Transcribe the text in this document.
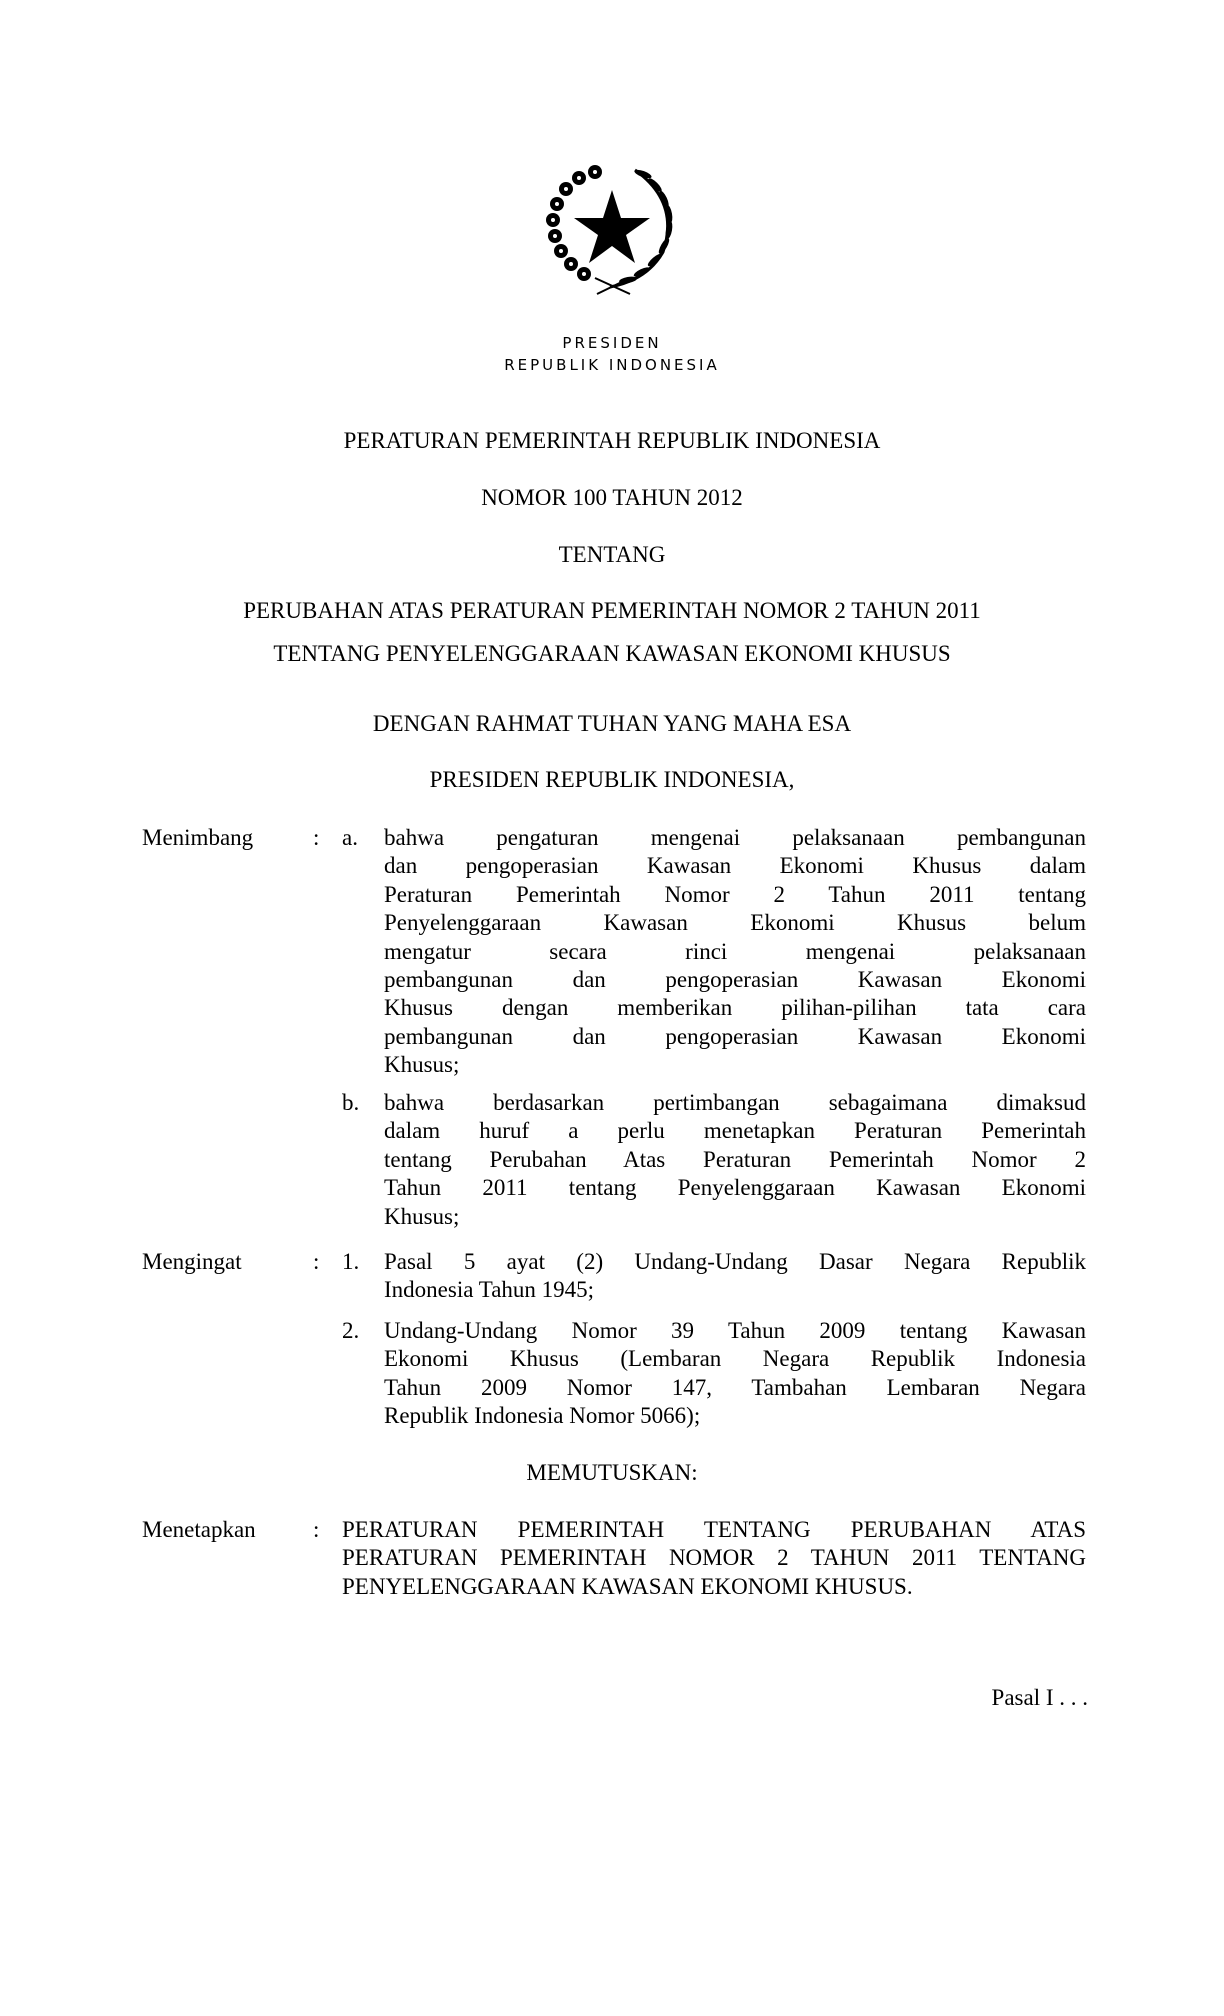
PRESIDEN
REPUBLIK INDONESIA
PERATURAN PEMERINTAH REPUBLIK INDONESIA
NOMOR 100 TAHUN 2012
TENTANG
PERUBAHAN ATAS PERATURAN PEMERINTAH NOMOR 2 TAHUN 2011
TENTANG PENYELENGGARAAN KAWASAN EKONOMI KHUSUS
DENGAN RAHMAT TUHAN YANG MAHA ESA
PRESIDEN REPUBLIK INDONESIA,
Menimbang	: a. bahwa pengaturan mengenai pelaksanaan pembangunan
dan pengoperasian Kawasan Ekonomi Khusus dalam
Peraturan Pemerintah Nomor 2 Tahun 2011 tentang
Penyelenggaraan Kawasan Ekonomi Khusus belum
mengatur secara rinci mengenai pelaksanaan
pembangunan dan pengoperasian Kawasan Ekonomi
Khusus dengan memberikan pilihan-pilihan tata cara
pembangunan dan pengoperasian Kawasan Ekonomi
Khusus;
b. bahwa berdasarkan pertimbangan sebagaimana dimaksud
dalam huruf a perlu menetapkan Peraturan Pemerintah
tentang Perubahan Atas Peraturan Pemerintah Nomor 2
Tahun 2011 tentang Penyelenggaraan Kawasan Ekonomi
Khusus;
Mengingat	: 1. Pasal 5 ayat (2) Undang-Undang Dasar Negara Republik
Indonesia Tahun 1945;
2. Undang-Undang Nomor 39 Tahun 2009 tentang Kawasan
Ekonomi Khusus (Lembaran Negara Republik Indonesia
Tahun 2009 Nomor 147, Tambahan Lembaran Negara
Republik Indonesia Nomor 5066);
MEMUTUSKAN:
Menetapkan : PERATURAN PEMERINTAH TENTANG PERUBAHAN ATAS
PERATURAN PEMERINTAH NOMOR 2 TAHUN 2011 TENTANG
PENYELENGGARAAN KAWASAN EKONOMI KHUSUS.
Pasal I . . .
